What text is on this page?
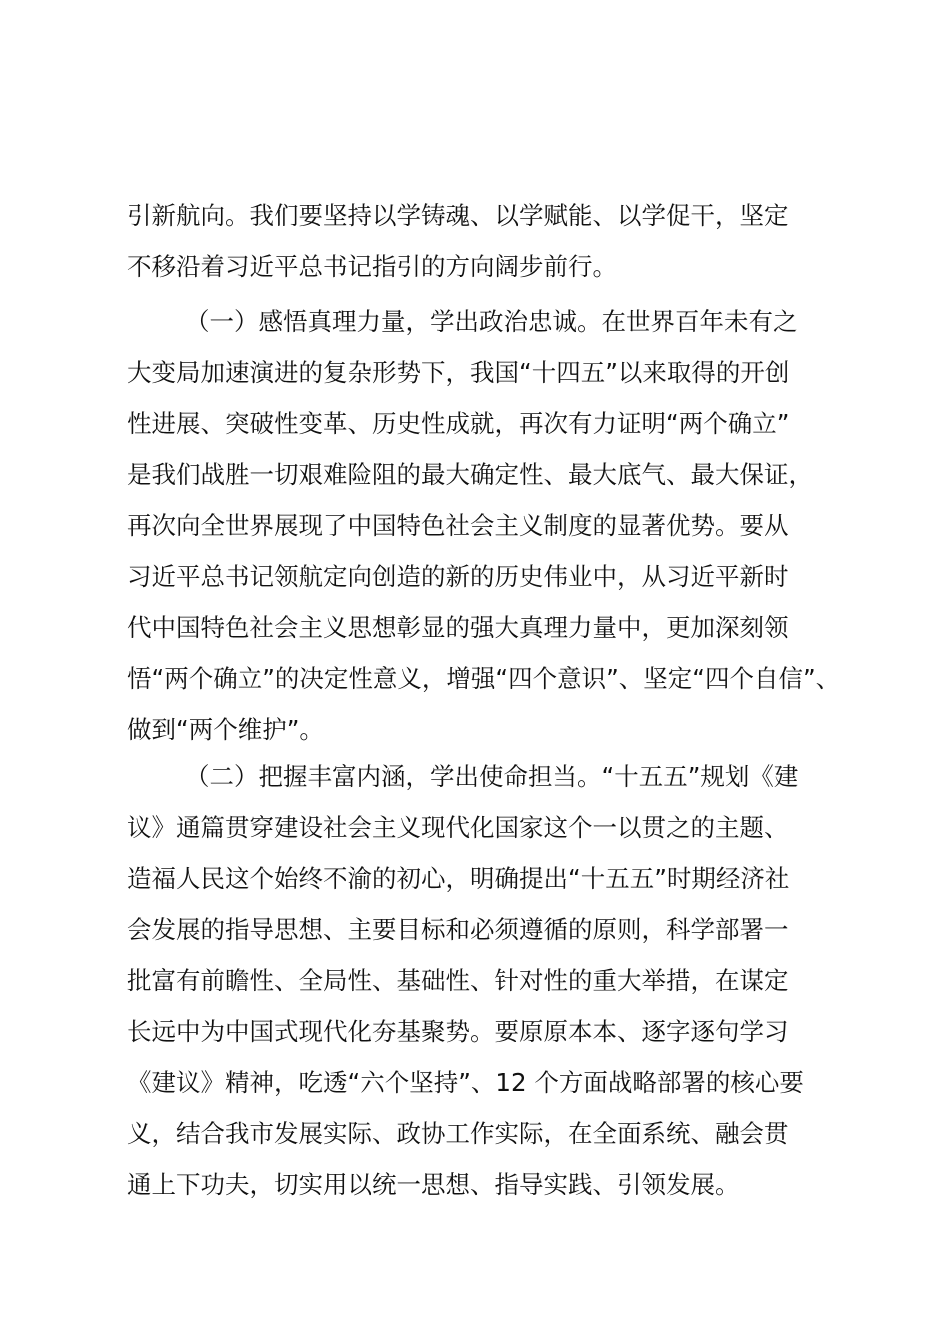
引新航向。我们要坚持以学铸魂、以学赋能、以学促干，坚定
不移沿着习近平总书记指引的方向阔步前行。
（一）感悟真理力量，学出政治忠诚。在世界百年未有之
大变局加速演进的复杂形势下，我国“十四五”以来取得的开创
性进展、突破性变革、历史性成就，再次有力证明“两个确立”
是我们战胜一切艰难险阻的最大确定性、最大底气、最大保证，
再次向全世界展现了中国特色社会主义制度的显著优势。要从
习近平总书记领航定向创造的新的历史伟业中，从习近平新时
代中国特色社会主义思想彰显的强大真理力量中，更加深刻领
悟“两个确立”的决定性意义，增强“四个意识”、坚定“四个自信”、
做到“两个维护”。
（二）把握丰富内涵，学出使命担当。“十五五”规划《建
议》通篇贯穿建设社会主义现代化国家这个一以贯之的主题、
造福人民这个始终不渝的初心，明确提出“十五五”时期经济社
会发展的指导思想、主要目标和必须遵循的原则，科学部署一
批富有前瞻性、全局性、基础性、针对性的重大举措，在谋定
长远中为中国式现代化夯基聚势。要原原本本、逐字逐句学习
《建议》精神，吃透“六个坚持”、12 个方面战略部署的核心要
义，结合我市发展实际、政协工作实际，在全面系统、融会贯
通上下功夫，切实用以统一思想、指导实践、引领发展。
